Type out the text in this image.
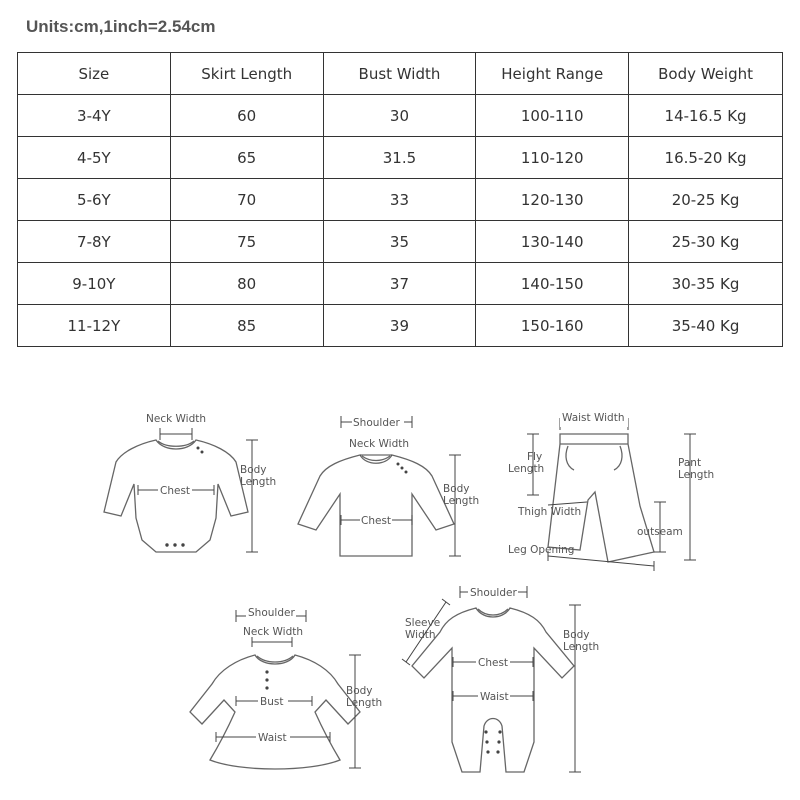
Units:cm,1inch=2.54cm
Size	Skirt Length	Bust Width	Height Range	Body Weight
3-4Y	60	30	100-110	14-16.5 Kg
4-5Y	65	31.5	110-120	16.5-20 Kg
5-6Y	70	33	120-130	20-25 Kg
7-8Y	75	35	130-140	25-30 Kg
9-10Y	80	37	140-150	30-35 Kg
11-12Y	85	39	150-160	35-40 Kg
Neck Width
Chest
Body
Length
Shoulder
Neck Width
Chest
Body
Length
Waist Width
Fly
Length
Thigh Width
Leg Opening
outseam
Pant
Length
Shoulder
Neck Width
Bust
Waist
Body
Length
Shoulder
Sleeve
Width
Chest
Waist
Body
Length
